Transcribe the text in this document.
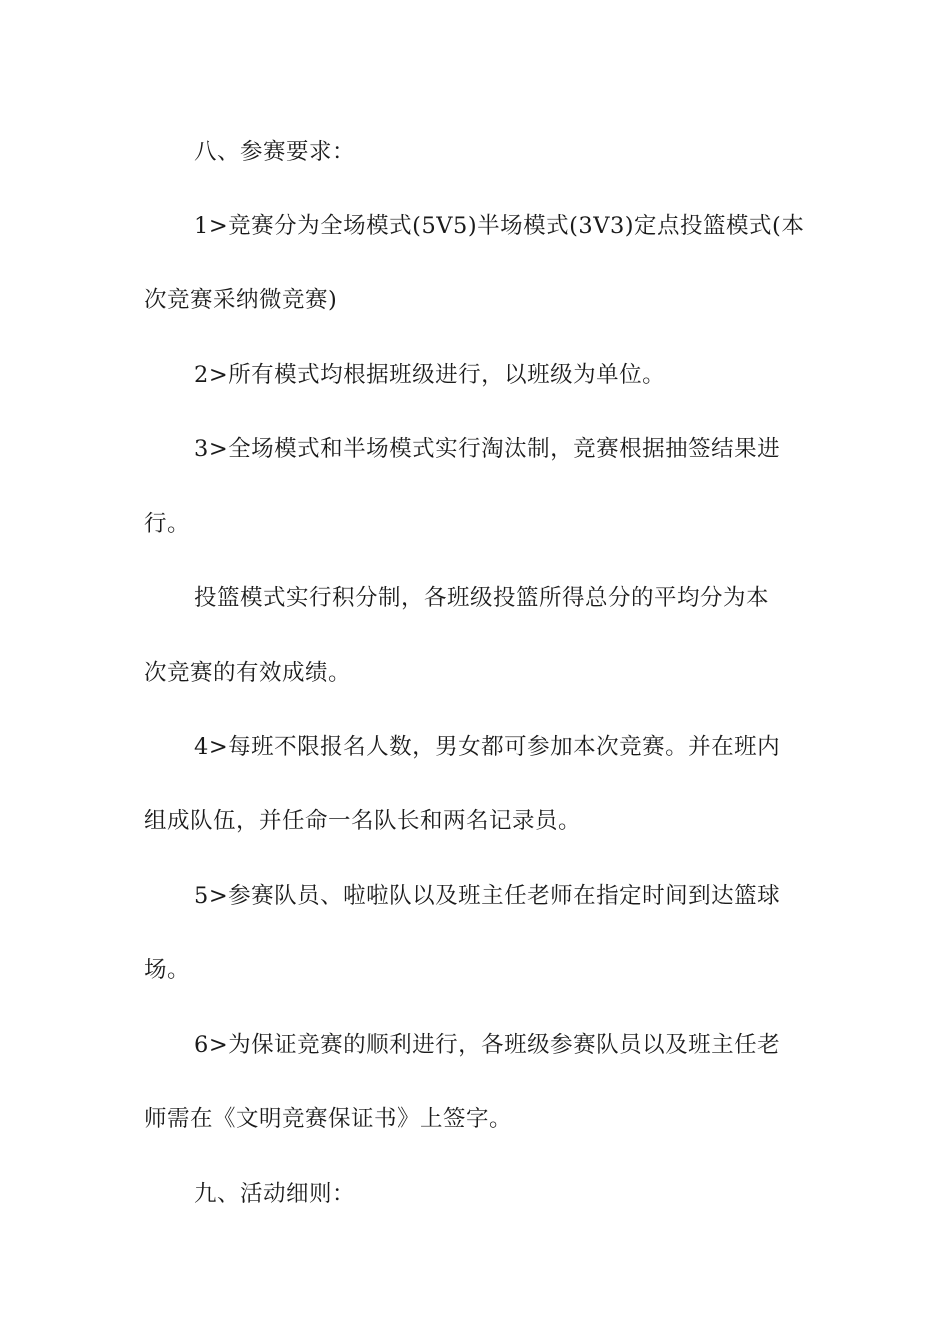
八、参赛要求：

1>竞赛分为全场模式(5V5)半场模式(3V3)定点投篮模式(本

次竞赛采纳微竞赛)

2>所有模式均根据班级进行，以班级为单位。

3>全场模式和半场模式实行淘汰制，竞赛根据抽签结果进

行。

投篮模式实行积分制，各班级投篮所得总分的平均分为本

次竞赛的有效成绩。

4>每班不限报名人数，男女都可参加本次竞赛。并在班内

组成队伍，并任命一名队长和两名记录员。

5>参赛队员、啦啦队以及班主任老师在指定时间到达篮球

场。

6>为保证竞赛的顺利进行，各班级参赛队员以及班主任老

师需在《文明竞赛保证书》上签字。

九、活动细则：
